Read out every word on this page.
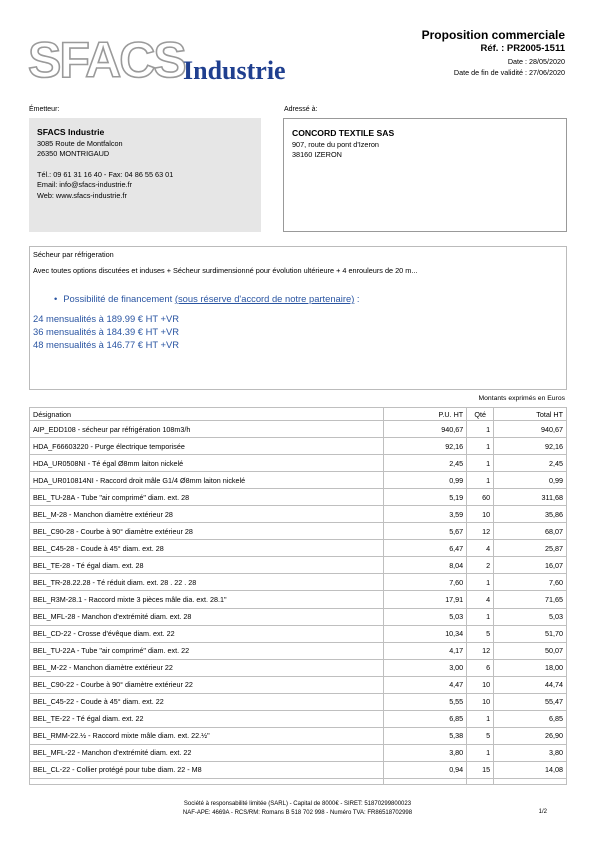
SFACS
Industrie
Proposition commerciale
Réf. : PR2005-1511
Date : 28/05/2020
Date de fin de validité : 27/06/2020
Émetteur:	Adressé à:
SFACS Industrie
3085 Route de Montfalcon
26350 MONTRIGAUD
Tél.: 09 61 31 16 40 - Fax: 04 86 55 63 01
Email: info@sfacs-industrie.fr
Web: www.sfacs-industrie.fr
CONCORD TEXTILE SAS
907, route du pont d'Izeron
38160 IZERON
Sécheur par réfrigeration
Avec toutes options discutées et induses + Sécheur surdimensionné pour évolution ultérieure + 4 enrouleurs de 20 m...
• Possibilité de financement (sous réserve d'accord de notre partenaire) :
24 mensualités à 189.99 € HT +VR
36 mensualités à 184.39 € HT +VR
48 mensualités à 146.77 € HT +VR
Montants exprimés en Euros
Désignation	P.U. HT	Qté	Total HT
AIP_EDD108 - sécheur par réfrigération 108m3/h	940,67	1	940,67
HDA_F66603220 - Purge électrique temporisée	92,16	1	92,16
HDA_UR0508NI - Té égal Ø8mm laiton nickelé	2,45	1	2,45
HDA_UR010814NI - Raccord droit mâle G1/4 Ø8mm laiton nickelé	0,99	1	0,99
BEL_TU-28A - Tube "air comprimé" diam. ext. 28	5,19	60	311,68
BEL_M-28 - Manchon diamètre extérieur 28	3,59	10	35,86
BEL_C90-28 - Courbe à 90° diamètre extérieur 28	5,67	12	68,07
BEL_C45-28 - Coude à 45° diam. ext. 28	6,47	4	25,87
BEL_TE-28 - Té égal diam. ext. 28	8,04	2	16,07
BEL_TR-28.22.28 - Té réduit diam. ext. 28 . 22 . 28	7,60	1	7,60
BEL_R3M-28.1 - Raccord mixte 3 pièces mâle dia. ext. 28.1"	17,91	4	71,65
BEL_MFL-28 - Manchon d'extrémité diam. ext. 28	5,03	1	5,03
BEL_CD-22 - Crosse d'évêque diam. ext. 22	10,34	5	51,70
BEL_TU-22A - Tube "air comprimé" diam. ext. 22	4,17	12	50,07
BEL_M-22 - Manchon diamètre extérieur 22	3,00	6	18,00
BEL_C90-22 - Courbe à 90° diamètre extérieur 22	4,47	10	44,74
BEL_C45-22 - Coude à 45° diam. ext. 22	5,55	10	55,47
BEL_TE-22 - Té égal diam. ext. 22	6,85	1	6,85
BEL_RMM-22.½ - Raccord mixte mâle diam. ext. 22.½"	5,38	5	26,90
BEL_MFL-22 - Manchon d'extrémité diam. ext. 22	3,80	1	3,80
BEL_CL-22 - Collier protégé pour tube diam. 22 - M8	0,94	15	14,08

Société à responsabilité limitée (SARL) - Capital de 8000€ - SIRET: 51870299800023
NAF-APE: 4669A - RCS/RM: Romans B 518 702 998 - Numéro TVA: FR86518702998	1/2
